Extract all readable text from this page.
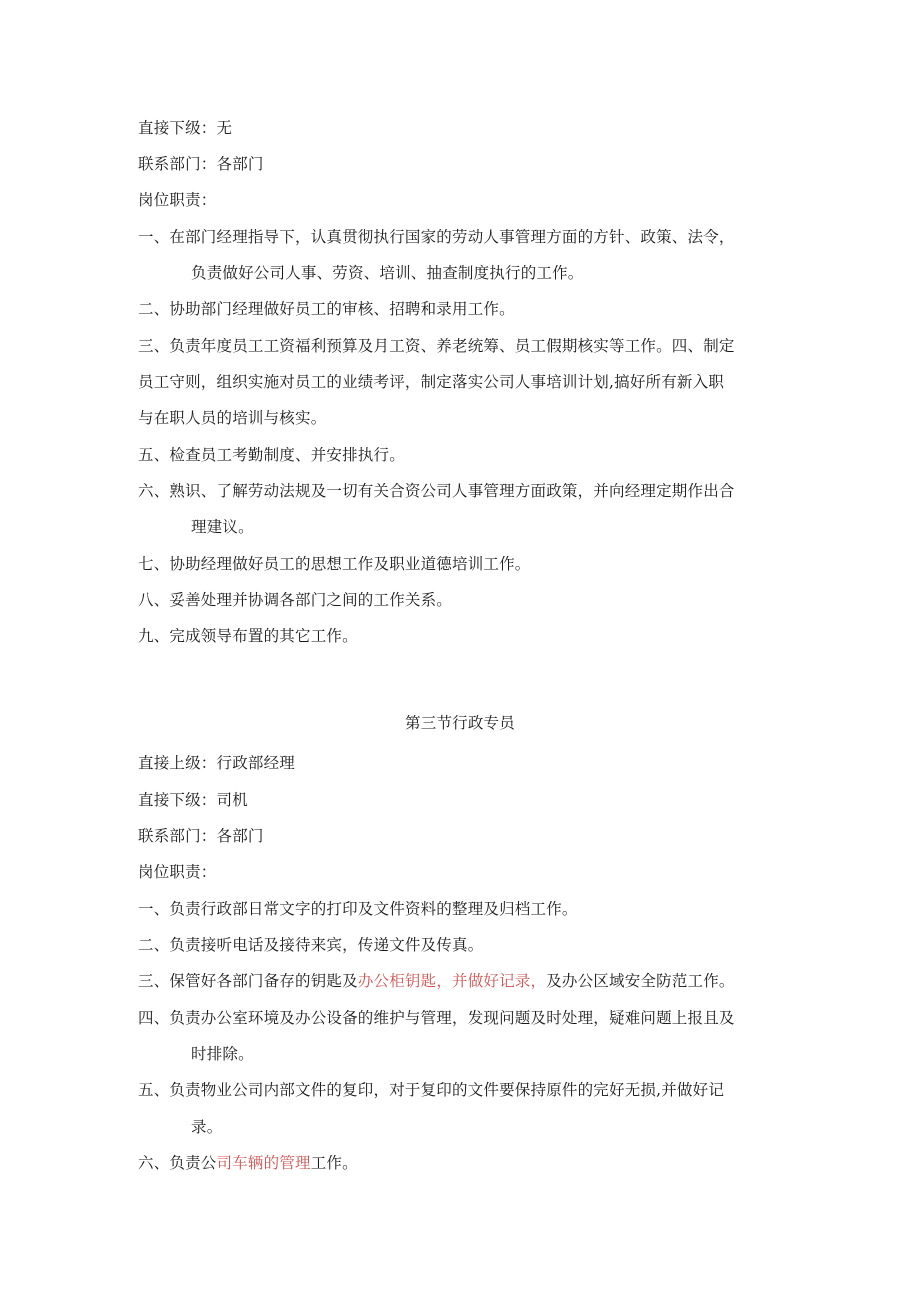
直接下级：无
联系部门：各部门
岗位职责：
一、在部门经理指导下，认真贯彻执行国家的劳动人事管理方面的方针、政策、法令，
负责做好公司人事、劳资、培训、抽查制度执行的工作。
二、协助部门经理做好员工的审核、招聘和录用工作。
三、负责年度员工工资福利预算及月工资、养老统筹、员工假期核实等工作。四、制定
员工守则，组织实施对员工的业绩考评，制定落实公司人事培训计划,搞好所有新入职
与在职人员的培训与核实。
五、检查员工考勤制度、并安排执行。
六、熟识、了解劳动法规及一切有关合资公司人事管理方面政策，并向经理定期作出合
理建议。
七、协助经理做好员工的思想工作及职业道德培训工作。
八、妥善处理并协调各部门之间的工作关系。
九、完成领导布置的其它工作。
第三节行政专员
直接上级：行政部经理
直接下级：司机
联系部门：各部门
岗位职责：
一、负责行政部日常文字的打印及文件资料的整理及归档工作。
二、负责接听电话及接待来宾，传递文件及传真。
三、保管好各部门备存的钥匙及办公柜钥匙，并做好记录，及办公区域安全防范工作。
四、负责办公室环境及办公设备的维护与管理，发现问题及时处理，疑难问题上报且及
时排除。
五、负责物业公司内部文件的复印，对于复印的文件要保持原件的完好无损,并做好记
录。
六、负责公司车辆的管理工作。
